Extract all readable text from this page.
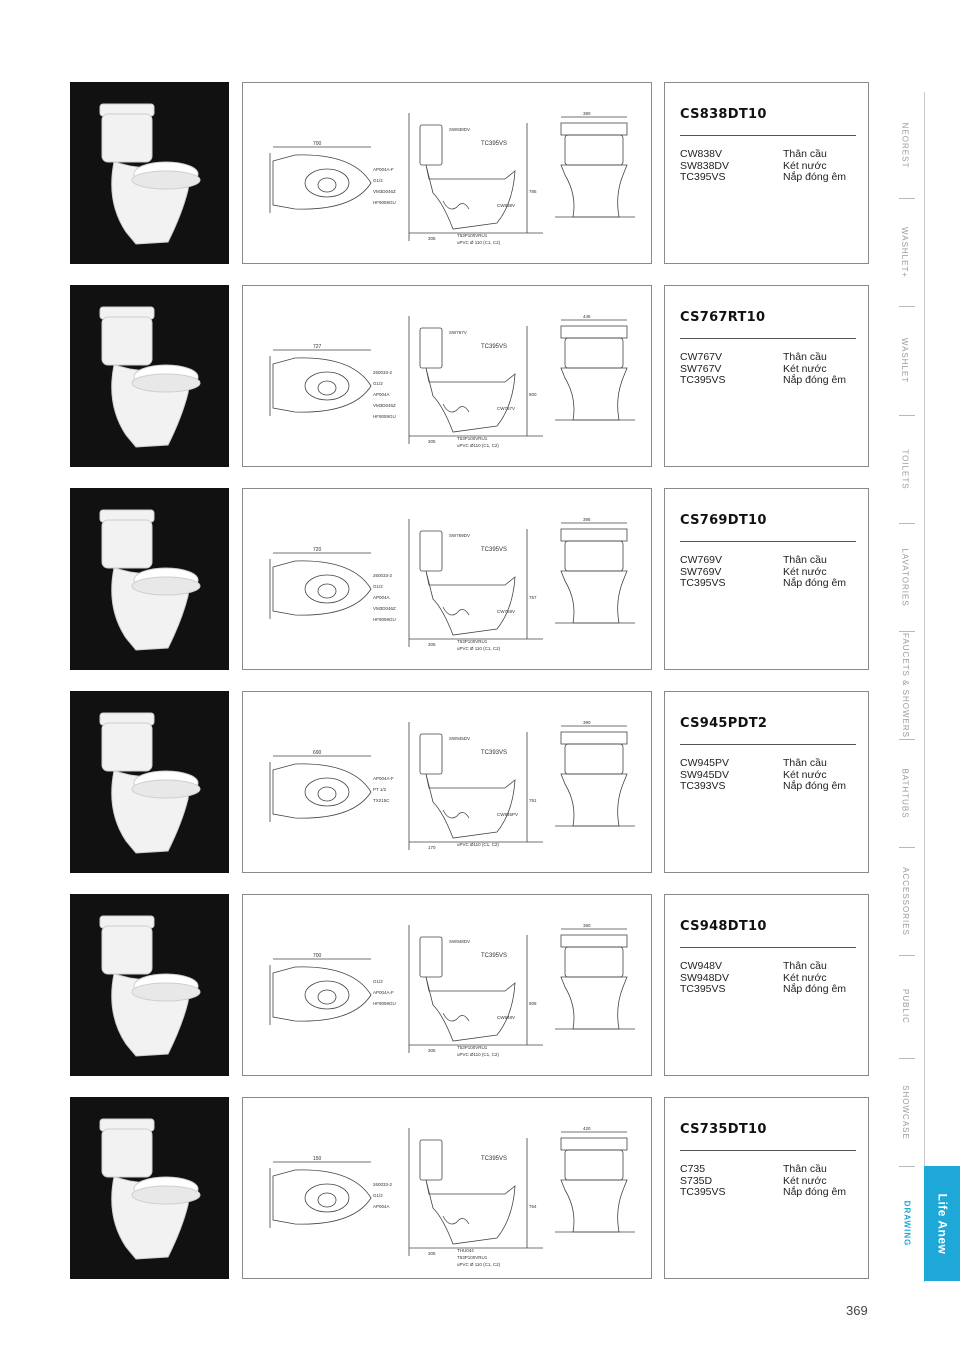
700	TC395VS
SW838DV
CW838V
785
305
AP004A-F
G1/2
VM3D046Z
HF9059GU
T53P100VRU1
uPVC Ø 110 (C1, C2)
380	CS838DT10
CW838V	Thân cầu
SW838DV	Két nước
TC395VS	Nắp đóng êm
727	TC395VS
SW767V
CW767V
800
305
260033-2
G1/2
AP004A
VM3D046Z
HF9059GU
T53P100VRU1
uPVC Ø110 (C1, C2)
445	CS767RT10
CW767V	Thân cầu
SW767V	Két nước
TC395VS	Nắp đóng êm
720	TC395VS
SW769DV
CW769V
757
305
260033-2
G1/2
AP004A
VM3D046Z
HF9059GU
T53P100VRU1
uPVC Ø 110 (C1, C2)
395	CS769DT10
CW769V	Thân cầu
SW769V	Két nước
TC395VS	Nắp đóng êm
690	TC393VS
SW945DV
CW945PV
791
170
AP004A-F
PT 1/2
TX215C
uPVC Ø110 (C1, C2)
390	CS945PDT2
CW945PV	Thân cầu
SW945DV	Két nước
TC393VS	Nắp đóng êm
700	TC395VS
SW948DV
CW948V
808
305
G1/2
AP004A-F
HF9059GU
T53P100VRU1
uPVC Ø110 (C1, C2)
380	CS948DT10
CW948V	Thân cầu
SW948DV	Két nước
TC395VS	Nắp đóng êm
150	TC395VS
754
305
260033-2
G1/2
AP004A
THU044
T53P100VRU1
uPVC Ø 110 (C1, C2)
420	CS735DT10
C735	Thân cầu
S735D	Két nước
TC395VS	Nắp đóng êm
NEOREST
WASHLET+
WASHLET
TOILETS
LAVATORIES
FAUCETS & SHOWERS
BATHTUBS
ACCESSORIES
PUBLIC
SHOWCASE
DRAWING Life Anew
369
